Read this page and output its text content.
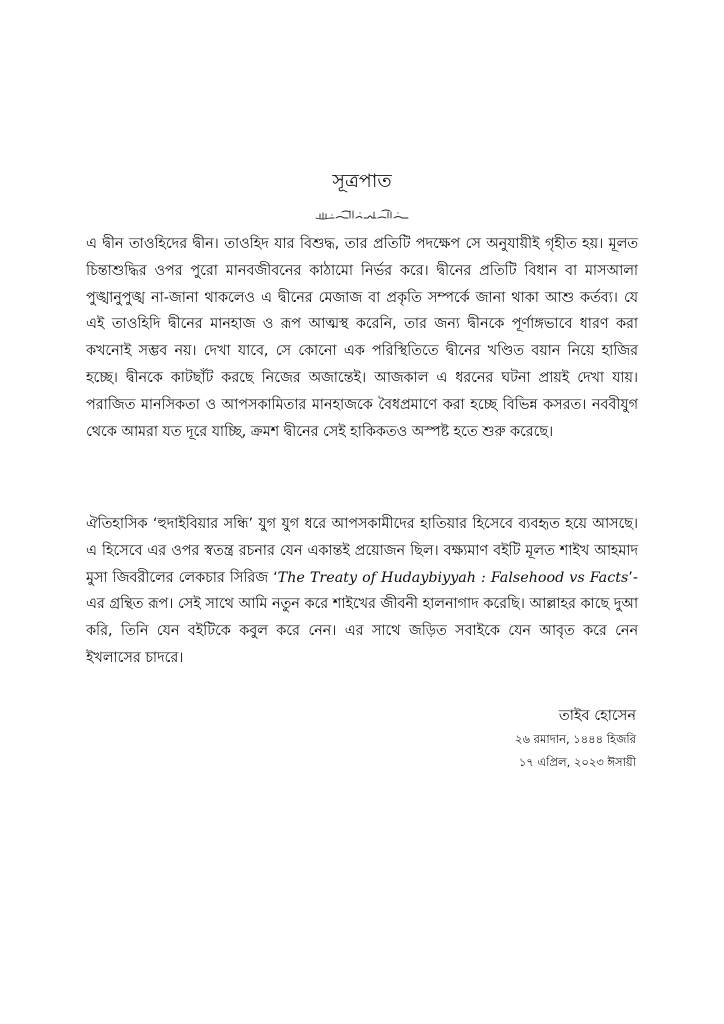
সূত্রপাত

এ দ্বীন তাওহিদের দ্বীন। তাওহিদ যার বিশুদ্ধ, তার প্রতিটি পদক্ষেপ সে অনুযায়ীই গৃহীত হয়। মূলত চিন্তাশুদ্ধির ওপর পুরো মানবজীবনের কাঠামো নির্ভর করে। দ্বীনের প্রতিটি বিধান বা মাসআলা পুঙ্খানুপুঙ্খ না-জানা থাকলেও এ দ্বীনের মেজাজ বা প্রকৃতি সম্পর্কে জানা থাকা আশু কর্তব্য। যে এই তাওহিদি দ্বীনের মানহাজ ও রূপ আত্মস্থ করেনি, তার জন্য দ্বীনকে পূর্ণাঙ্গভাবে ধারণ করা কখনোই সম্ভব নয়। দেখা যাবে, সে কোনো এক পরিস্থিতিতে দ্বীনের খণ্ডিত বয়ান নিয়ে হাজির হচ্ছে। দ্বীনকে কাটছাঁট করছে নিজের অজান্তেই। আজকাল এ ধরনের ঘটনা প্রায়ই দেখা যায়। পরাজিত মানসিকতা ও আপসকামিতার মানহাজকে বৈধপ্রমাণে করা হচ্ছে বিভিন্ন কসরত। নববীযুগ থেকে আমরা যত দূরে যাচ্ছি, ক্রমশ দ্বীনের সেই হাকিকতও অস্পষ্ট হতে শুরু করেছে।

ঐতিহাসিক ‘হুদাইবিয়ার সন্ধি’ যুগ যুগ ধরে আপসকামীদের হাতিয়ার হিসেবে ব্যবহৃত হয়ে আসছে। এ হিসেবে এর ওপর স্বতন্ত্র রচনার যেন একান্তই প্রয়োজন ছিল। বক্ষ্যমাণ বইটি মূলত শাইখ আহমাদ মুসা জিবরীলের লেকচার সিরিজ ‘The Treaty of Hudaybiyyah : Falsehood vs Facts’-এর গ্রন্থিত রূপ। সেই সাথে আমি নতুন করে শাইখের জীবনী হালনাগাদ করেছি। আল্লাহর কাছে দুআ করি, তিনি যেন বইটিকে কবুল করে নেন। এর সাথে জড়িত সবাইকে যেন আবৃত করে নেন ইখলাসের চাদরে।

তাইব হোসেন
২৬ রমাদান, ১৪৪৪ হিজরি
১৭ এপ্রিল, ২০২৩ ঈসায়ী
